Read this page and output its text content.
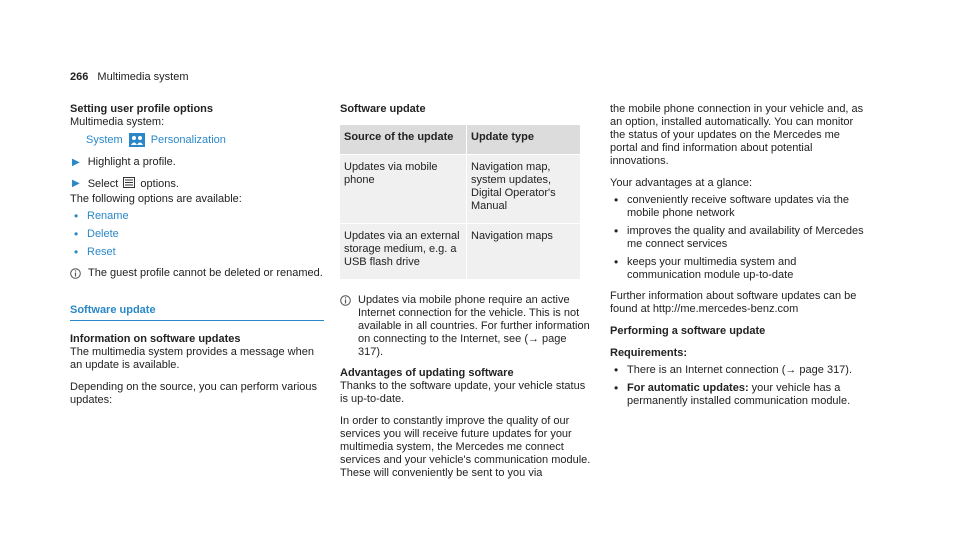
266 Multimedia system
Setting user profile options
Multimedia system:
System	Personalization
▶ Highlight a profile.
▶ Select options.
The following options are available:
• Rename
• Delete
• Reset
The guest profile cannot be deleted or renamed.
Software update
Information on software updates

The multimedia system provides a message when an update is available.

Depending on the source, you can perform various updates:

Software update
Source of the update	Update type
Updates via mobile phone	Navigation map, system updates, Digital Operator's Manual
Updates via an external storage medium, e.g. a USB flash drive	Navigation maps
Updates via mobile phone require an active Internet connection for the vehicle. This is not available in all countries. For further information on connecting to the Internet, see (→ page 317).
Advantages of updating software

Thanks to the software update, your vehicle status is up-to-date.

In order to constantly improve the quality of our services you will receive future updates for your multimedia system, the Mercedes me connect services and your vehicle's communication module. These will conveniently be sent to you via

the mobile phone connection in your vehicle and, as an option, installed automatically. You can monitor the status of your updates on the Mercedes me portal and find information about potential innovations.

Your advantages at a glance:
• conveniently receive software updates via the mobile phone network
• improves the quality and availability of Mercedes me connect services
• keeps your multimedia system and communication module up-to-date

Further information about software updates can be found at http://me.mercedes-benz.com

Performing a software update

Requirements:
• There is an Internet connection (→ page 317).
• For automatic updates: your vehicle has a permanently installed communication module.
